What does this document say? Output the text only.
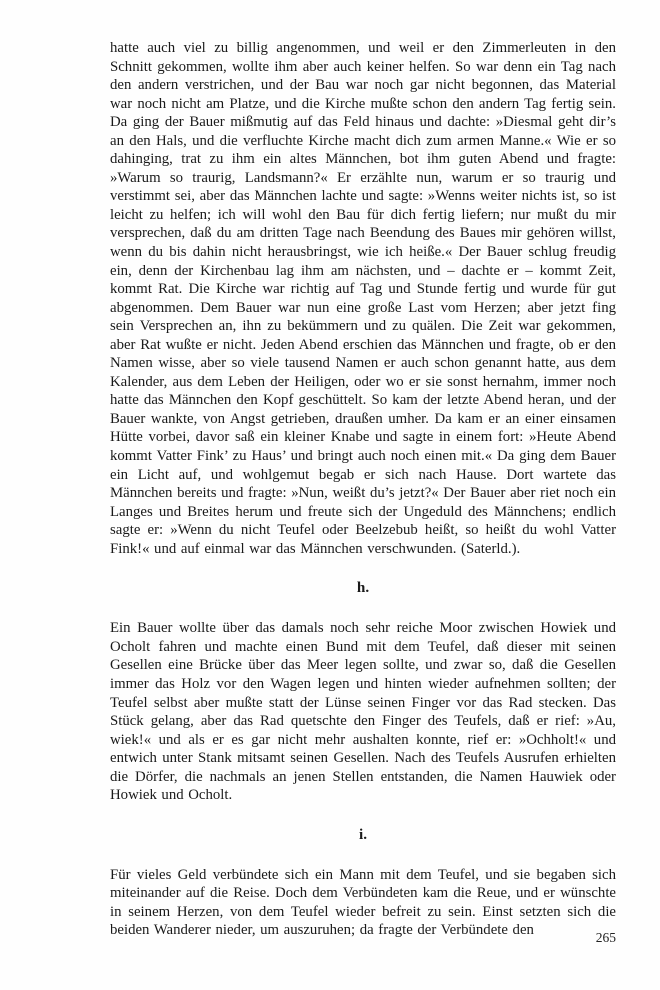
hatte auch viel zu billig angenommen, und weil er den Zimmerleuten in den Schnitt gekommen, wollte ihm aber auch keiner helfen. So war denn ein Tag nach den andern verstrichen, und der Bau war noch gar nicht begonnen, das Material war noch nicht am Platze, und die Kirche mußte schon den andern Tag fertig sein. Da ging der Bauer mißmutig auf das Feld hinaus und dachte: »Diesmal geht dir’s an den Hals, und die verfluchte Kirche macht dich zum armen Manne.« Wie er so dahinging, trat zu ihm ein altes Männchen, bot ihm guten Abend und fragte: »Warum so traurig, Landsmann?« Er erzählte nun, warum er so traurig und verstimmt sei, aber das Männchen lachte und sagte: »Wenns weiter nichts ist, so ist leicht zu helfen; ich will wohl den Bau für dich fertig liefern; nur mußt du mir versprechen, daß du am dritten Tage nach Beendung des Baues mir gehören willst, wenn du bis dahin nicht herausbringst, wie ich heiße.« Der Bauer schlug freudig ein, denn der Kirchenbau lag ihm am nächsten, und – dachte er – kommt Zeit, kommt Rat. Die Kirche war richtig auf Tag und Stunde fertig und wurde für gut abgenommen. Dem Bauer war nun eine große Last vom Herzen; aber jetzt fing sein Versprechen an, ihn zu bekümmern und zu quälen. Die Zeit war gekommen, aber Rat wußte er nicht. Jeden Abend erschien das Männchen und fragte, ob er den Namen wisse, aber so viele tausend Namen er auch schon genannt hatte, aus dem Kalender, aus dem Leben der Heiligen, oder wo er sie sonst hernahm, immer noch hatte das Männchen den Kopf geschüttelt. So kam der letzte Abend heran, und der Bauer wankte, von Angst getrieben, draußen umher. Da kam er an einer einsamen Hütte vorbei, davor saß ein kleiner Knabe und sagte in einem fort: »Heute Abend kommt Vatter Fink’ zu Haus’ und bringt auch noch einen mit.« Da ging dem Bauer ein Licht auf, und wohlgemut begab er sich nach Hause. Dort wartete das Männchen bereits und fragte: »Nun, weißt du’s jetzt?« Der Bauer aber riet noch ein Langes und Breites herum und freute sich der Ungeduld des Männchens; endlich sagte er: »Wenn du nicht Teufel oder Beelzebub heißt, so heißt du wohl Vatter Fink!« und auf einmal war das Männchen verschwunden. (Saterld.).

h.

Ein Bauer wollte über das damals noch sehr reiche Moor zwischen Howiek und Ocholt fahren und machte einen Bund mit dem Teufel, daß dieser mit seinen Gesellen eine Brücke über das Meer legen sollte, und zwar so, daß die Gesellen immer das Holz vor den Wagen legen und hinten wieder aufnehmen sollten; der Teufel selbst aber mußte statt der Lünse seinen Finger vor das Rad stecken. Das Stück gelang, aber das Rad quetschte den Finger des Teufels, daß er rief: »Au, wiek!« und als er es gar nicht mehr aushalten konnte, rief er: »Ochholt!« und entwich unter Stank mitsamt seinen Gesellen. Nach des Teufels Ausrufen erhielten die Dörfer, die nachmals an jenen Stellen entstanden, die Namen Hauwiek oder Howiek und Ocholt.

i.

Für vieles Geld verbündete sich ein Mann mit dem Teufel, und sie begaben sich miteinander auf die Reise. Doch dem Verbündeten kam die Reue, und er wünschte in seinem Herzen, von dem Teufel wieder befreit zu sein. Einst setzten sich die beiden Wanderer nieder, um auszuruhen; da fragte der Verbündete den	265
